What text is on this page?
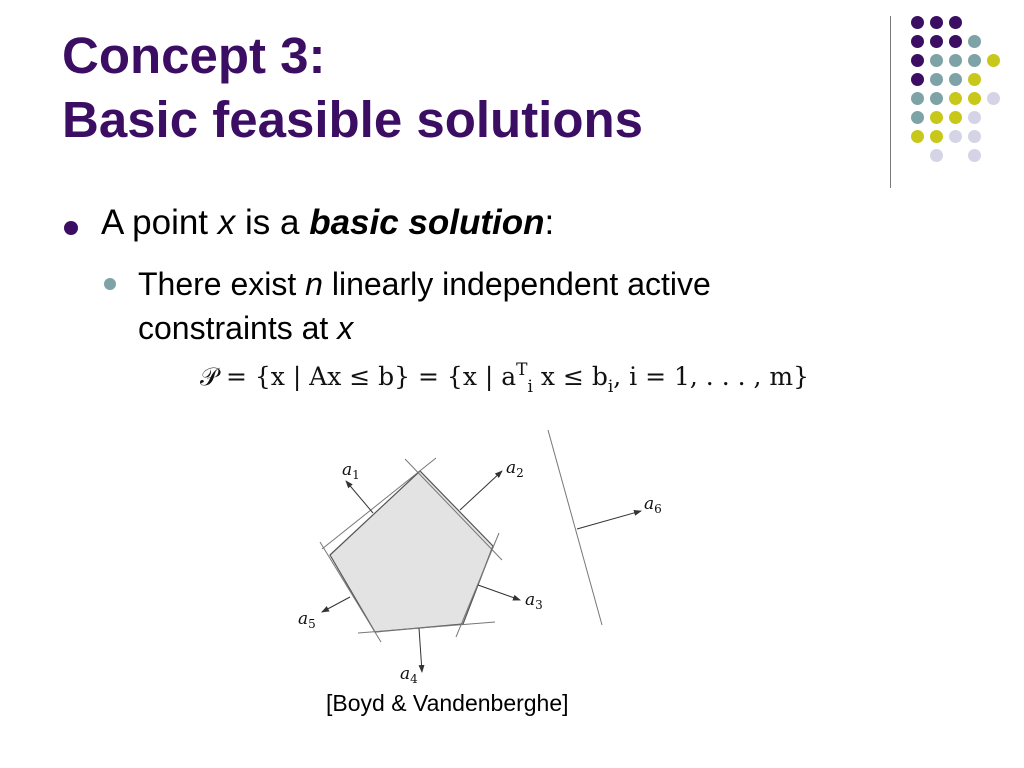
Concept 3:
Basic feasible solutions
A point x is a basic solution:
There exist n linearly independent active
constraints at x
𝒫 = {x | Ax ≤ b} = {x | $a^T_i$ $x \le b_i$, i = 1, . . . , m}
$a_1$	$a_2$
$a_3$
$a_4$
$a_5$
$a_6$
[Boyd & Vandenberghe]
